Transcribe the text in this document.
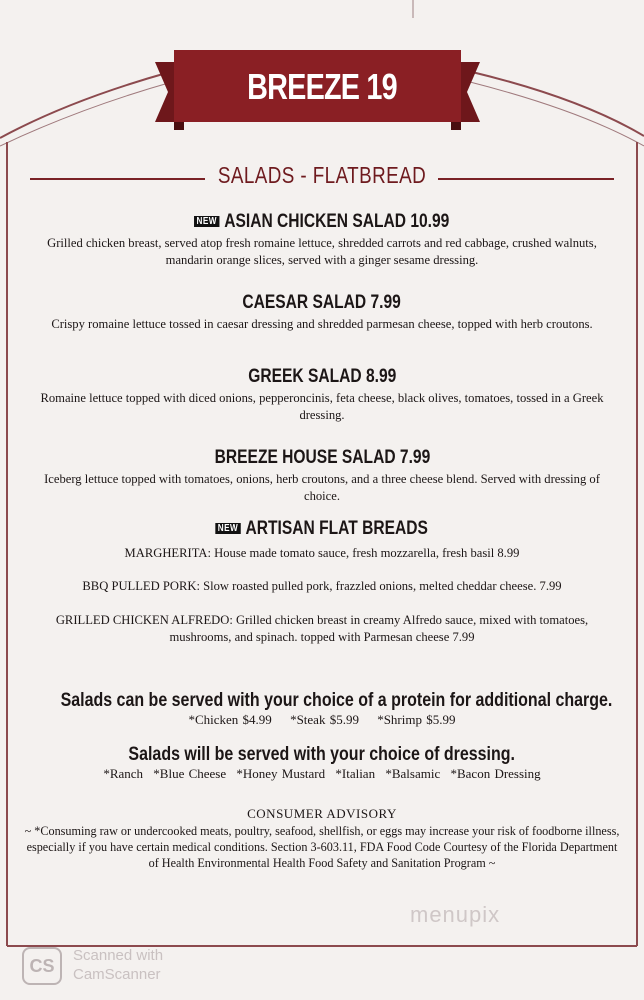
BREEZE 19
SALADS - FLATBREAD
NEW ASIAN CHICKEN SALAD 10.99
Grilled chicken breast, served atop fresh romaine lettuce, shredded carrots and red cabbage, crushed walnuts, mandarin orange slices, served with a ginger sesame dressing.
CAESAR SALAD 7.99
Crispy romaine lettuce tossed in caesar dressing and shredded parmesan cheese, topped with herb croutons.
GREEK SALAD 8.99
Romaine lettuce topped with diced onions, pepperoncinis, feta cheese, black olives, tomatoes, tossed in a Greek dressing.
BREEZE HOUSE SALAD 7.99
Iceberg lettuce topped with tomatoes, onions, herb croutons, and a three cheese blend. Served with dressing of choice.
NEW ARTISAN FLAT BREADS
MARGHERITA: House made tomato sauce, fresh mozzarella, fresh basil 8.99
BBQ PULLED PORK: Slow roasted pulled pork, frazzled onions, melted cheddar cheese. 7.99
GRILLED CHICKEN ALFREDO: Grilled chicken breast in creamy Alfredo sauce, mixed with tomatoes, mushrooms, and spinach. topped with Parmesan cheese 7.99
Salads can be served with your choice of a protein for additional charge.
*Chicken $4.99 *Steak $5.99 *Shrimp $5.99
Salads will be served with your choice of dressing.
*Ranch *Blue Cheese *Honey Mustard *Italian *Balsamic *Bacon Dressing
CONSUMER ADVISORY
~ *Consuming raw or undercooked meats, poultry, seafood, shellfish, or eggs may increase your risk of foodborne illness, especially if you have certain medical conditions. Section 3-603.11, FDA Food Code Courtesy of the Florida Department of Health Environmental Health Food Safety and Sanitation Program ~
menupix
CS
Scanned with
CamScanner
